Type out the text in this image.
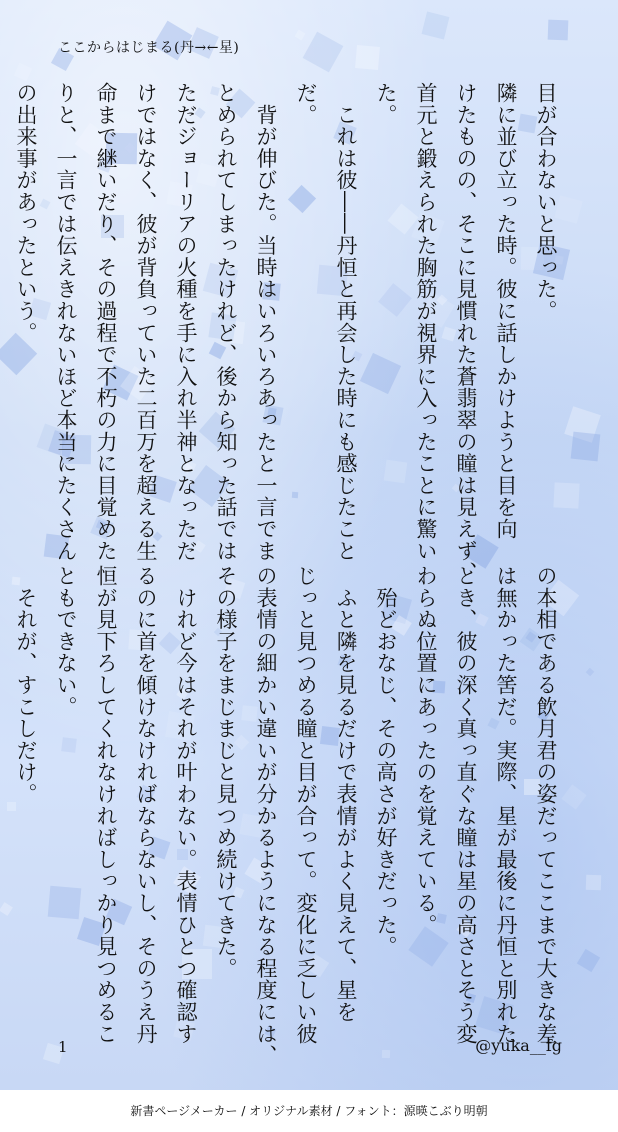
ここからはじまる(丹→←星)
目が合わないと思った。
隣に並び立った時。彼に話しかけようと目を向
けたものの、そこに見慣れた蒼翡翠の瞳は見えず、
首元と鍛えられた胸筋が視界に入ったことに驚い
た。
　これは彼――丹恒と再会した時にも感じたこと
だ。
　背が伸びた。当時はいろいろあったと一言でま
とめられてしまったけれど、後から知った話では
ただジョーリアの火種を手に入れ半神となっただ
けではなく、彼が背負っていた二百万を超える生
命まで継いだり、その過程で不朽の力に目覚めた
りと、一言では伝えきれないほど本当にたくさん
の出来事があったという。
の本相である飲月君の姿だってここまで大きな差
は無かった筈だ。実際、星が最後に丹恒と別れた
とき、彼の深く真っ直ぐな瞳は星の高さとそう変
わらぬ位置にあったのを覚えている。
　殆どおなじ、その高さが好きだった。
　ふと隣を見るだけで表情がよく見えて、星を
じっと見つめる瞳と目が合って。変化に乏しい彼
の表情の細かい違いが分かるようになる程度には、
その様子をまじまじと見つめ続けてきた。
　けれど今はそれが叶わない。表情ひとつ確認す
るのに首を傾けなければならないし、そのうえ丹
恒が見下ろしてくれなければしっかり見つめるこ
ともできない。
　それが、すこしだけ。
1	@yuka__fg
新書ページメーカー / オリジナル素材 / フォント：源暎こぶり明朝
